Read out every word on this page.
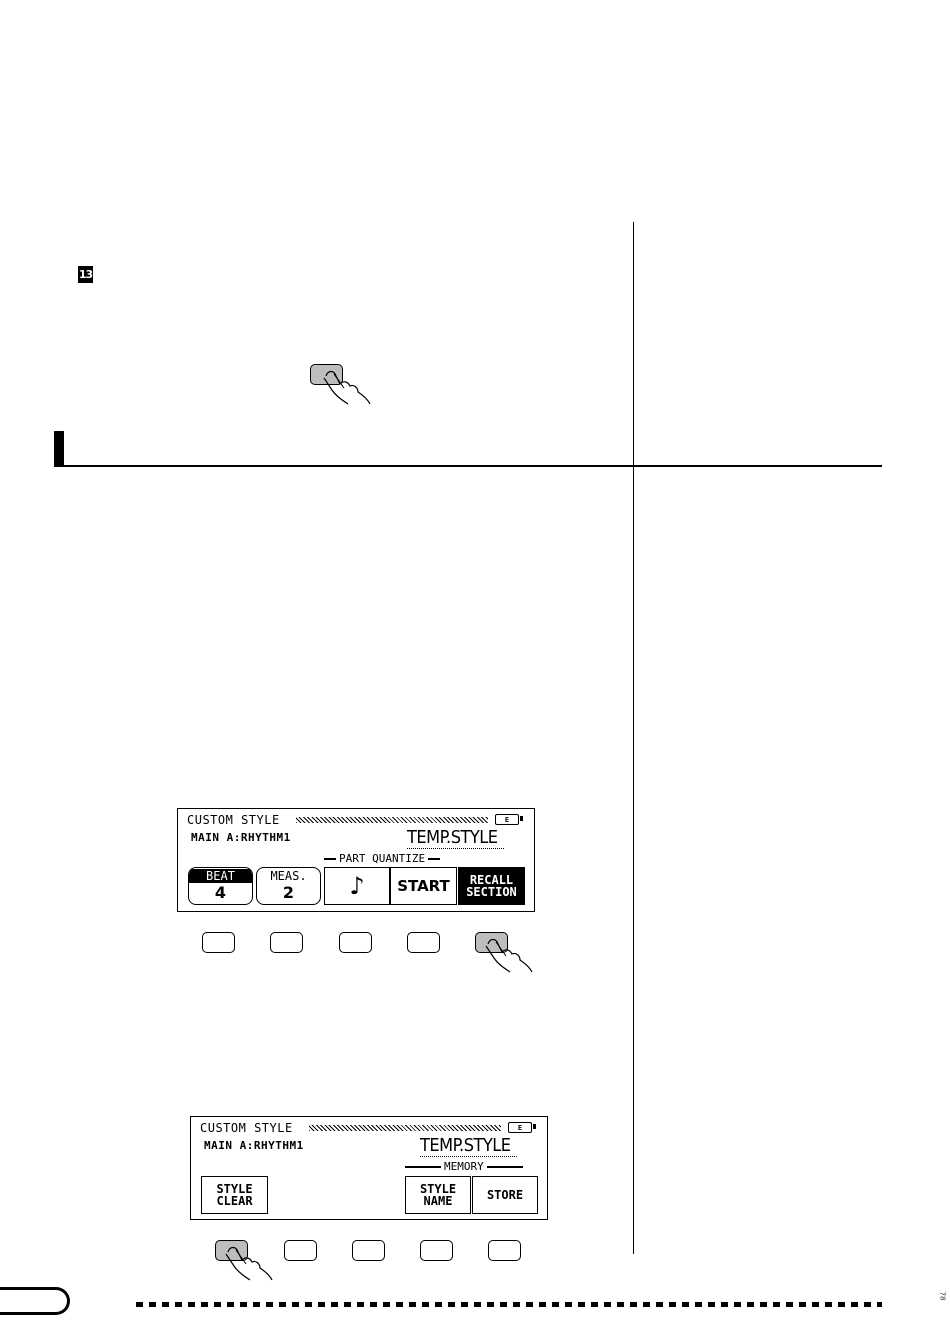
13
CUSTOM STYLE	E
MAIN A:RHYTHM1	TEMP.STYLE
PART QUANTIZE
BEAT
4
MEAS.
2 ♪ START RECALL
SECTION
CUSTOM STYLE	E
MAIN A:RHYTHM1	TEMP.STYLE
MEMORY
STYLE
CLEAR
STYLE
NAME	STORE
78
